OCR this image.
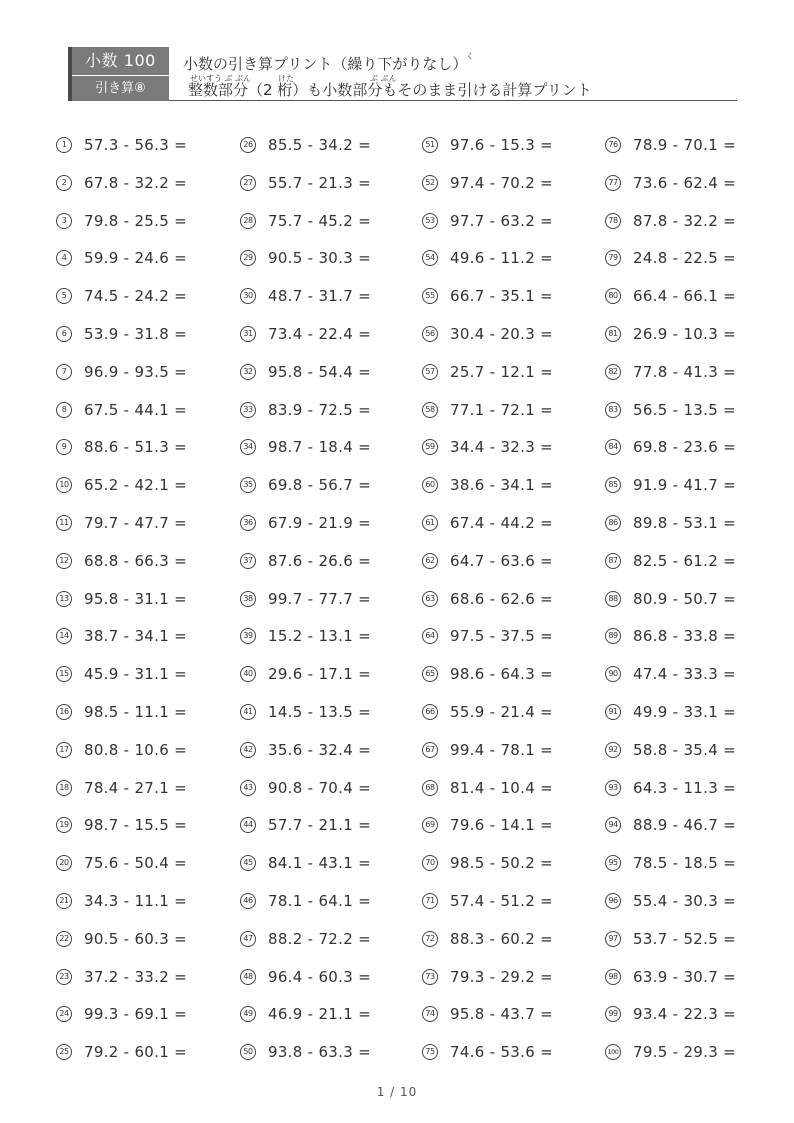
小数 100
引き算⑧
小数の引き算プリント（繰り下がりなし）
く
せいすう ぶ ぶん	けた	ぶ ぶん
整数部分（2 桁）も小数部分もそのまま引ける計算プリント
1	57.3 - 56.3 =
2	67.8 - 32.2 =
3	79.8 - 25.5 =
4	59.9 - 24.6 =
5	74.5 - 24.2 =
6	53.9 - 31.8 =
7	96.9 - 93.5 =
8	67.5 - 44.1 =
9	88.6 - 51.3 =
10 65.2 - 42.1 =
11 79.7 - 47.7 =
12 68.8 - 66.3 =
13 95.8 - 31.1 =
14 38.7 - 34.1 =
15 45.9 - 31.1 =
16 98.5 - 11.1 =
17 80.8 - 10.6 =
18 78.4 - 27.1 =
19 98.7 - 15.5 =
20 75.6 - 50.4 =
21 34.3 - 11.1 =
22 90.5 - 60.3 =
23 37.2 - 33.2 =
24 99.3 - 69.1 =
25 79.2 - 60.1 =
26 85.5 - 34.2 =
27 55.7 - 21.3 =
28 75.7 - 45.2 =
29 90.5 - 30.3 =
30 48.7 - 31.7 =
31 73.4 - 22.4 =
32 95.8 - 54.4 =
33 83.9 - 72.5 =
34 98.7 - 18.4 =
35 69.8 - 56.7 =
36 67.9 - 21.9 =
37 87.6 - 26.6 =
38 99.7 - 77.7 =
39 15.2 - 13.1 =
40 29.6 - 17.1 =
41 14.5 - 13.5 =
42 35.6 - 32.4 =
43 90.8 - 70.4 =
44 57.7 - 21.1 =
45 84.1 - 43.1 =
46 78.1 - 64.1 =
47 88.2 - 72.2 =
48 96.4 - 60.3 =
49 46.9 - 21.1 =
50 93.8 - 63.3 =
51 97.6 - 15.3 =
52 97.4 - 70.2 =
53 97.7 - 63.2 =
54 49.6 - 11.2 =
55 66.7 - 35.1 =
56 30.4 - 20.3 =
57 25.7 - 12.1 =
58 77.1 - 72.1 =
59 34.4 - 32.3 =
60 38.6 - 34.1 =
61 67.4 - 44.2 =
62 64.7 - 63.6 =
63 68.6 - 62.6 =
64 97.5 - 37.5 =
65 98.6 - 64.3 =
66 55.9 - 21.4 =
67 99.4 - 78.1 =
68 81.4 - 10.4 =
69 79.6 - 14.1 =
70 98.5 - 50.2 =
71 57.4 - 51.2 =
72 88.3 - 60.2 =
73 79.3 - 29.2 =
74 95.8 - 43.7 =
75 74.6 - 53.6 =
76 78.9 - 70.1 =
77 73.6 - 62.4 =
78 87.8 - 32.2 =
79 24.8 - 22.5 =
80 66.4 - 66.1 =
81 26.9 - 10.3 =
82 77.8 - 41.3 =
83 56.5 - 13.5 =
84 69.8 - 23.6 =
85 91.9 - 41.7 =
86 89.8 - 53.1 =
87 82.5 - 61.2 =
88 80.9 - 50.7 =
89 86.8 - 33.8 =
90 47.4 - 33.3 =
91 49.9 - 33.1 =
92 58.8 - 35.4 =
93 64.3 - 11.3 =
94 88.9 - 46.7 =
95 78.5 - 18.5 =
96 55.4 - 30.3 =
97 53.7 - 52.5 =
98 63.9 - 30.7 =
99 93.4 - 22.3 =
100 79.5 - 29.3 =
1 / 10
